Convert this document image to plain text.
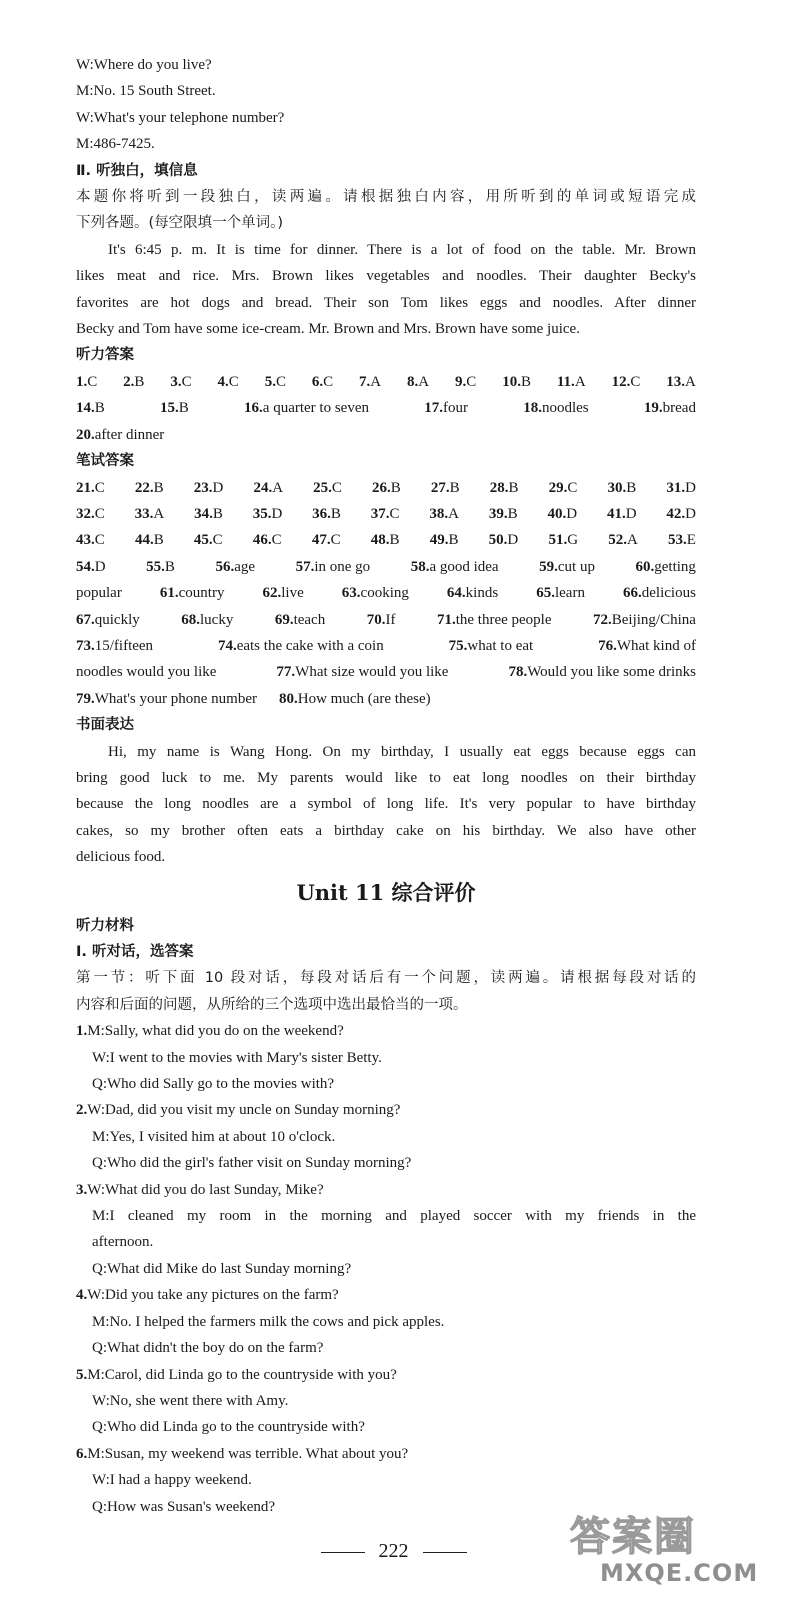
W:Where do you live?
M:No. 15 South Street.
W:What's your telephone number?
M:486-7425.
Ⅱ. 听独白，填信息
本题你将听到一段独白，读两遍。请根据独白内容，用所听到的单词或短语完成
下列各题。(每空限填一个单词。)
It's 6:45 p. m. It is time for dinner. There is a lot of food on the table. Mr. Brown
likes meat and rice. Mrs. Brown likes vegetables and noodles. Their daughter Becky's
favorites are hot dogs and bread. Their son Tom likes eggs and noodles. After dinner
Becky and Tom have some ice-cream. Mr. Brown and Mrs. Brown have some juice.
听力答案
1.C 2.B 3.C 4.C 5.C 6.C 7.A 8.A 9.C 10.B 11.A 12.C 13.A
14.B	15.B	16.a quarter to seven	17.four	18.noodles	19.bread
20.after dinner
笔试答案
21.C 22.B 23.D 24.A 25.C 26.B 27.B 28.B 29.C 30.B 31.D
32.C 33.A 34.B 35.D 36.B 37.C 38.A 39.B 40.D 41.D 42.D
43.C 44.B 45.C 46.C 47.C 48.B 49.B 50.D 51.G 52.A 53.E
54.D	55.B	56.age	57.in one go	58.a good idea	59.cut up	60.getting
popular	61.country	62.live	63.cooking	64.kinds	65.learn	66.delicious
67.quickly	68.lucky	69.teach	70.If	71.the three people	72.Beijing/China
73.15/fifteen	74.eats the cake with a coin	75.what to eat	76.What kind of
noodles would you like	77.What size would you like	78.Would you like some drinks
79.What's your phone number 80.How much (are these)
书面表达
Hi, my name is Wang Hong. On my birthday, I usually eat eggs because eggs can
bring good luck to me. My parents would like to eat long noodles on their birthday
because the long noodles are a symbol of long life. It's very popular to have birthday
cakes, so my brother often eats a birthday cake on his birthday. We also have other
delicious food.
Unit 11 综合评价
听力材料
Ⅰ. 听对话，选答案
第一节：听下面 10 段对话，每段对话后有一个问题，读两遍。请根据每段对话的
内容和后面的问题，从所给的三个选项中选出最恰当的一项。
1.M:Sally, what did you do on the weekend?
W:I went to the movies with Mary's sister Betty.
Q:Who did Sally go to the movies with?
2.W:Dad, did you visit my uncle on Sunday morning?
M:Yes, I visited him at about 10 o'clock.
Q:Who did the girl's father visit on Sunday morning?
3.W:What did you do last Sunday, Mike?
M:I cleaned my room in the morning and played soccer with my friends in the
afternoon.
Q:What did Mike do last Sunday morning?
4.W:Did you take any pictures on the farm?
M:No. I helped the farmers milk the cows and pick apples.
Q:What didn't the boy do on the farm?
5.M:Carol, did Linda go to the countryside with you?
W:No, she went there with Amy.
Q:Who did Linda go to the countryside with?
6.M:Susan, my weekend was terrible. What about you?
W:I had a happy weekend.
Q:How was Susan's weekend?
222	答案圈
MXQE.COM
